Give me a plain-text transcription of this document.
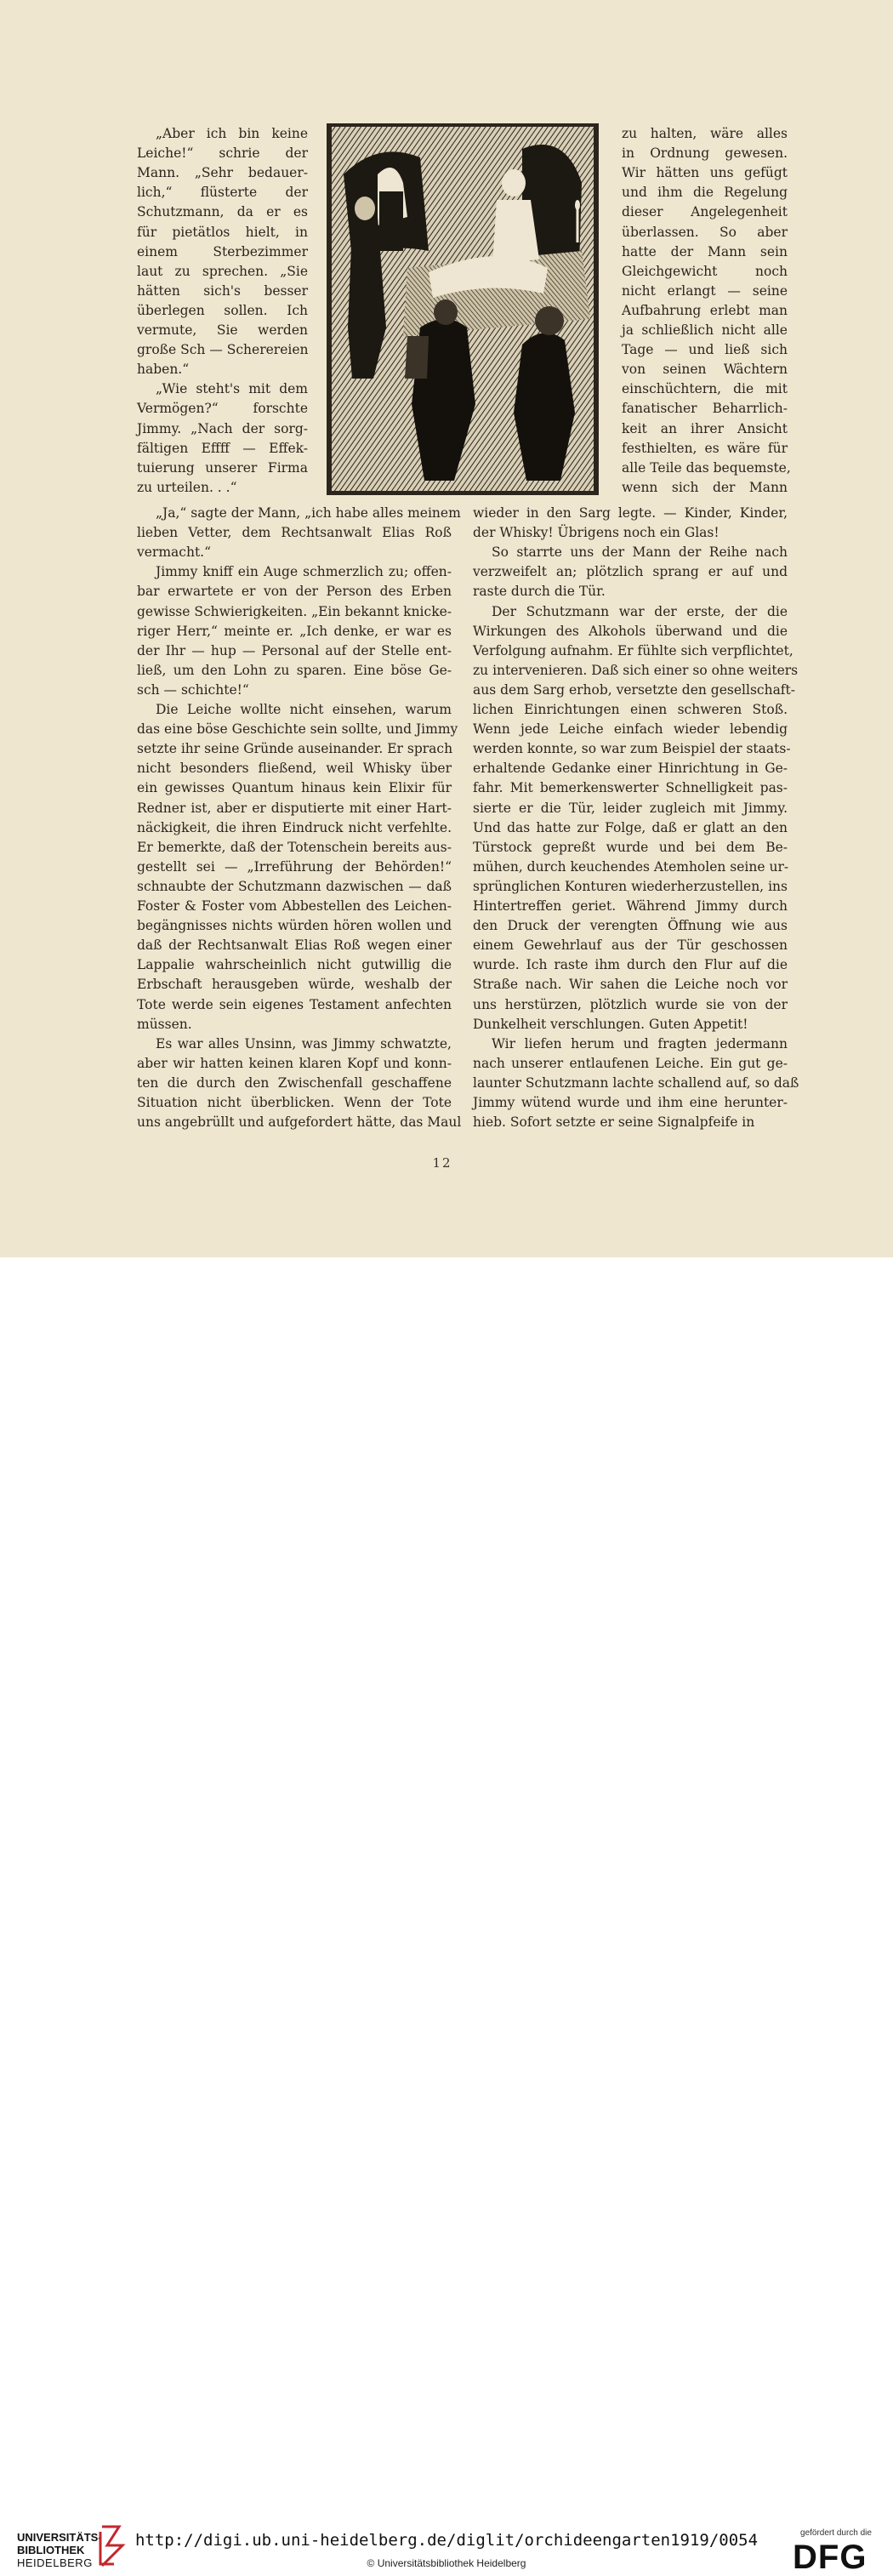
„Aber ich bin keine

Leiche!“ schrie der

Mann. „Sehr bedauer-

lich,“ flüsterte der

Schutzmann, da er es

für pietätlos hielt, in

einem Sterbezimmer

laut zu sprechen. „Sie

hätten sich's besser

überlegen sollen. Ich

vermute, Sie werden

große Sch — Scherereien

haben.“

„Wie steht's mit dem

Vermögen?“ forschte

Jimmy. „Nach der sorg-

fältigen Effff — Effek-

tuierung unserer Firma

zu urteilen. . .“

zu halten, wäre alles

in Ordnung gewesen.

Wir hätten uns gefügt

und ihm die Regelung

dieser Angelegenheit

überlassen. So aber

hatte der Mann sein

Gleichgewicht noch

nicht erlangt — seine

Aufbahrung erlebt man

ja schließlich nicht alle

Tage — und ließ sich

von seinen Wächtern

einschüchtern, die mit

fanatischer Beharrlich-

keit an ihrer Ansicht

festhielten, es wäre für

alle Teile das bequemste,

wenn sich der Mann

„Ja,“ sagte der Mann, „ich habe alles meinem

lieben Vetter, dem Rechtsanwalt Elias Roß

vermacht.“

Jimmy kniff ein Auge schmerzlich zu; offen-

bar erwartete er von der Person des Erben

gewisse Schwierigkeiten. „Ein bekannt knicke-

riger Herr,“ meinte er. „Ich denke, er war es

der Ihr — hup — Personal auf der Stelle ent-

ließ, um den Lohn zu sparen. Eine böse Ge-

sch — schichte!“

Die Leiche wollte nicht einsehen, warum

das eine böse Geschichte sein sollte, und Jimmy

setzte ihr seine Gründe auseinander. Er sprach

nicht besonders fließend, weil Whisky über

ein gewisses Quantum hinaus kein Elixir für

Redner ist, aber er disputierte mit einer Hart-

näckigkeit, die ihren Eindruck nicht verfehlte.

Er bemerkte, daß der Totenschein bereits aus-

gestellt sei — „Irreführung der Behörden!“

schnaubte der Schutzmann dazwischen — daß

Foster & Foster vom Abbestellen des Leichen-

begängnisses nichts würden hören wollen und

daß der Rechtsanwalt Elias Roß wegen einer

Lappalie wahrscheinlich nicht gutwillig die

Erbschaft herausgeben würde, weshalb der

Tote werde sein eigenes Testament anfechten

müssen.

Es war alles Unsinn, was Jimmy schwatzte,

aber wir hatten keinen klaren Kopf und konn-

ten die durch den Zwischenfall geschaffene

Situation nicht überblicken. Wenn der Tote

uns angebrüllt und aufgefordert hätte, das Maul

wieder in den Sarg legte. — Kinder, Kinder,

der Whisky! Übrigens noch ein Glas!

So starrte uns der Mann der Reihe nach

verzweifelt an; plötzlich sprang er auf und

raste durch die Tür.

Der Schutzmann war der erste, der die

Wirkungen des Alkohols überwand und die

Verfolgung aufnahm. Er fühlte sich verpflichtet,

zu intervenieren. Daß sich einer so ohne weiters

aus dem Sarg erhob, versetzte den gesellschaft-

lichen Einrichtungen einen schweren Stoß.

Wenn jede Leiche einfach wieder lebendig

werden konnte, so war zum Beispiel der staats-

erhaltende Gedanke einer Hinrichtung in Ge-

fahr. Mit bemerkenswerter Schnelligkeit pas-

sierte er die Tür, leider zugleich mit Jimmy.

Und das hatte zur Folge, daß er glatt an den

Türstock gepreßt wurde und bei dem Be-

mühen, durch keuchendes Atemholen seine ur-

sprünglichen Konturen wiederherzustellen, ins

Hintertreffen geriet. Während Jimmy durch

den Druck der verengten Öffnung wie aus

einem Gewehrlauf aus der Tür geschossen

wurde. Ich raste ihm durch den Flur auf die

Straße nach. Wir sahen die Leiche noch vor

uns herstürzen, plötzlich wurde sie von der

Dunkelheit verschlungen. Guten Appetit!

Wir liefen herum und fragten jedermann

nach unserer entlaufenen Leiche. Ein gut ge-

launter Schutzmann lachte schallend auf, so daß

Jimmy wütend wurde und ihm eine herunter-

hieb. Sofort setzte er seine Signalpfeife in

12
UNIVERSITÄTS-
BIBLIOTHEK
HEIDELBERG
http://digi.ub.uni-heidelberg.de/diglit/orchideengarten1919/0054
© Universitätsbibliothek Heidelberg
gefördert durch die
DFG
